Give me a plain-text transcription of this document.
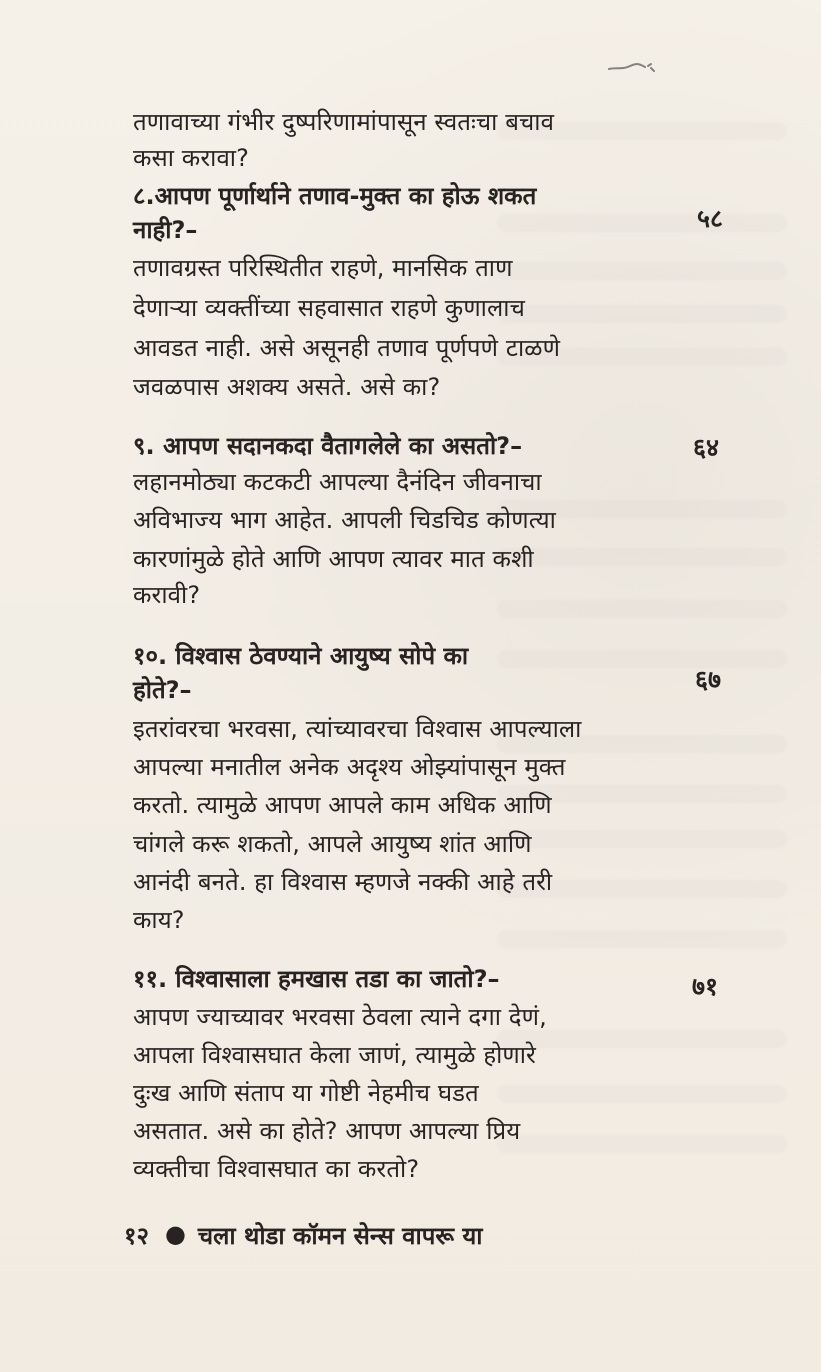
तणावाच्या गंभीर दुष्परिणामांपासून स्वतःचा बचाव
कसा करावा?
८.आपण पूर्णार्थाने तणाव-मुक्त का होऊ शकत
नाही?–	५८
तणावग्रस्त परिस्थितीत राहणे, मानसिक ताण
देणाऱ्या व्यक्तींच्या सहवासात राहणे कुणालाच
आवडत नाही. असे असूनही तणाव पूर्णपणे टाळणे
जवळपास अशक्य असते. असे का?
९. आपण सदानकदा वैतागलेले का असतो?–	६४
लहानमोठ्या कटकटी आपल्या दैनंदिन जीवनाचा
अविभाज्य भाग आहेत. आपली चिडचिड कोणत्या
कारणांमुळे होते आणि आपण त्यावर मात कशी
करावी?
१०. विश्वास ठेवण्याने आयुष्य सोपे का
होते?–	६७
इतरांवरचा भरवसा, त्यांच्यावरचा विश्वास आपल्याला
आपल्या मनातील अनेक अदृश्य ओझ्यांपासून मुक्त
करतो. त्यामुळे आपण आपले काम अधिक आणि
चांगले करू शकतो, आपले आयुष्य शांत आणि
आनंदी बनते. हा विश्वास म्हणजे नक्की आहे तरी
काय?
११. विश्वासाला हमखास तडा का जातो?–	७१
आपण ज्याच्यावर भरवसा ठेवला त्याने दगा देणं,
आपला विश्वासघात केला जाणं, त्यामुळे होणारे
दुःख आणि संताप या गोष्टी नेहमीच घडत
असतात. असे का होते? आपण आपल्या प्रिय
व्यक्तीचा विश्वासघात का करतो?
१२ ● चला थोडा कॉमन सेन्स वापरू या
